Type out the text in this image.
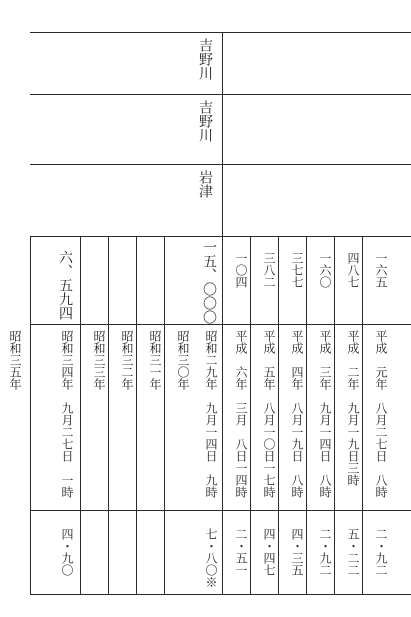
吉野川
吉野川
岩津
一六五
平成　元年　八月二七日　八時
二・九二
四八七
平成　二年　九月一九日三時
五・二二
一六〇
平成　三年　九月一四日　八時
二・九二
三七七
平成　四年　八月一九日　八時
四・三五
三八二
平成　五年　八月一〇日一七時
四・四七
一〇四
平成　六年　三月　八日一四時
二・五一
一五、〇〇〇
昭和二九年　九月一四日　九時
七・八〇※
昭和三〇年
昭和三一年
昭和三二年
昭和三三年
六、五九四
昭和三四年　九月二七日　一時
四・九〇
昭和三五年
